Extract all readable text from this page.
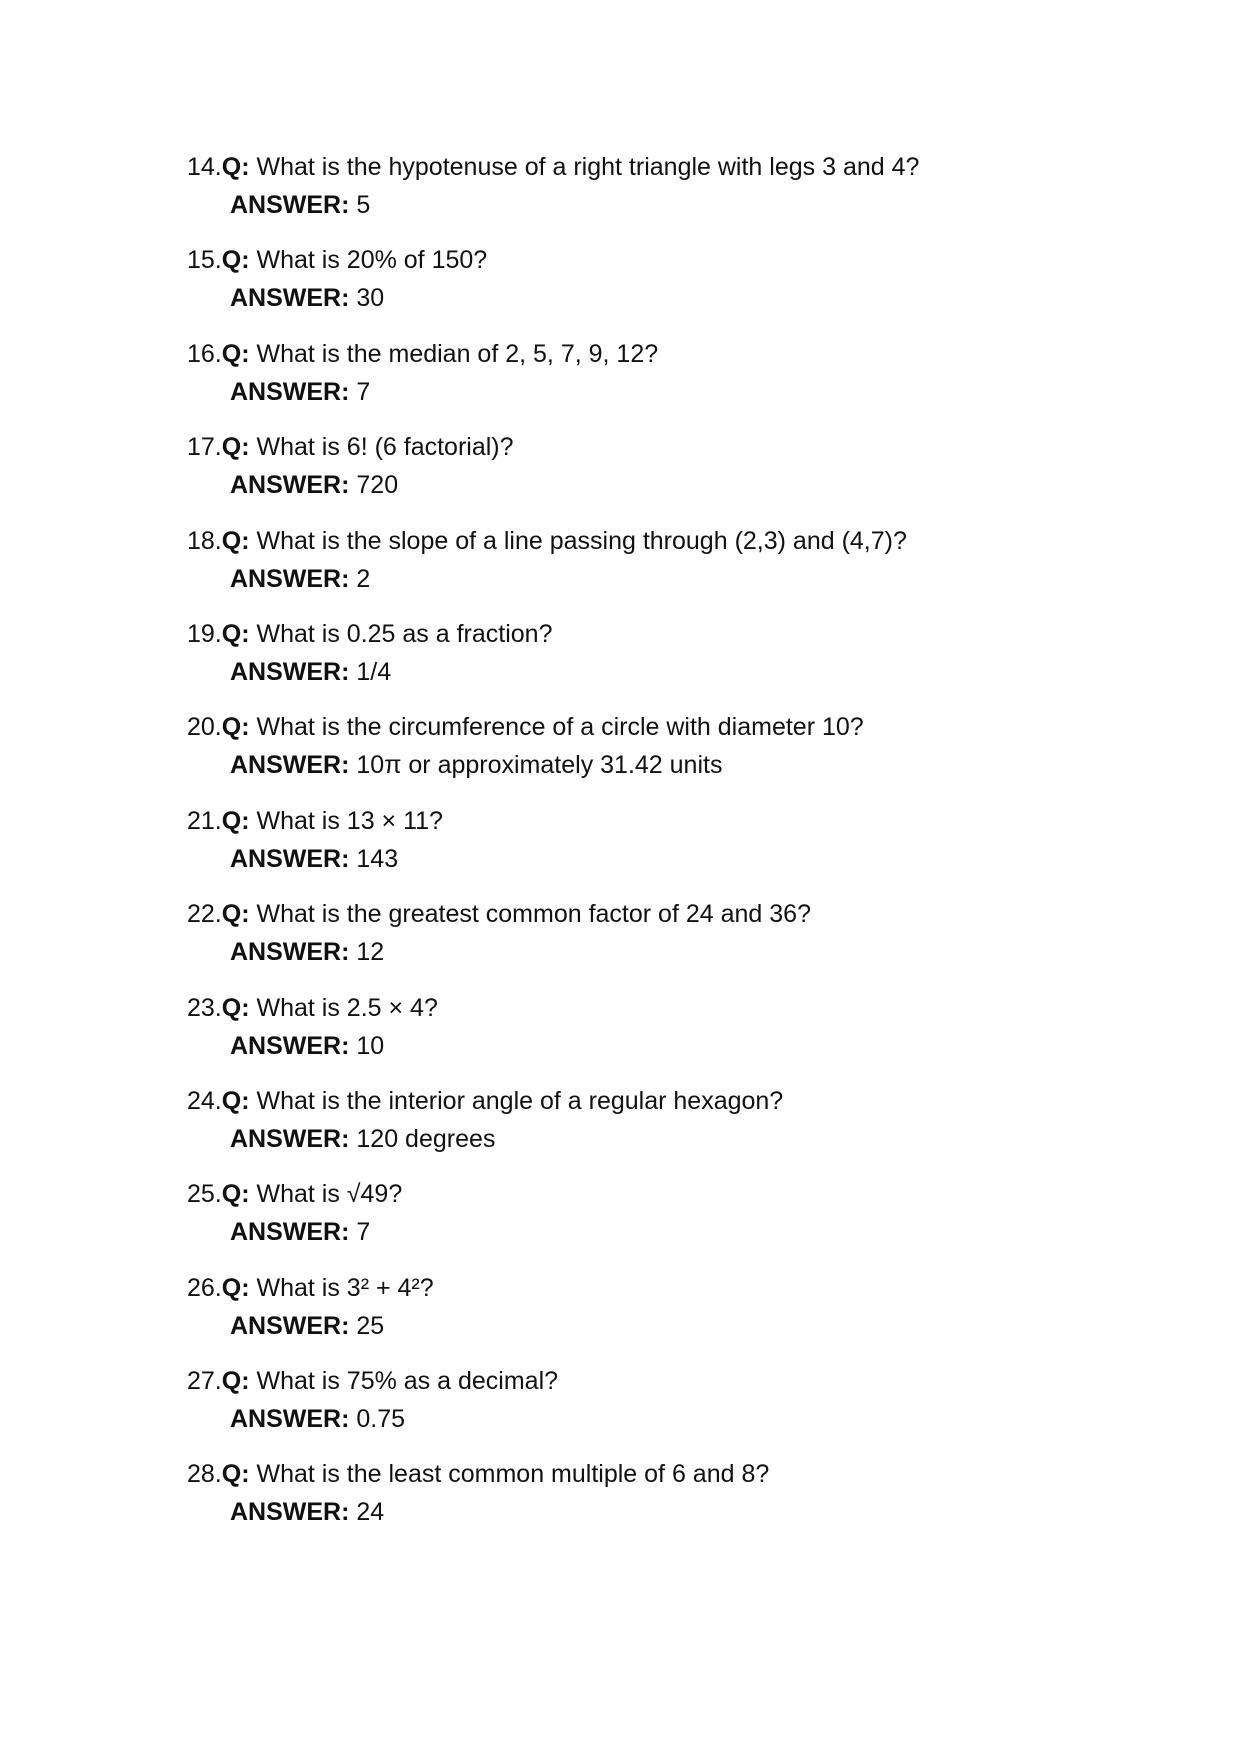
14.Q: What is the hypotenuse of a right triangle with legs 3 and 4?
ANSWER: 5
15.Q: What is 20% of 150?
ANSWER: 30
16.Q: What is the median of 2, 5, 7, 9, 12?
ANSWER: 7
17.Q: What is 6! (6 factorial)?
ANSWER: 720
18.Q: What is the slope of a line passing through (2,3) and (4,7)?
ANSWER: 2
19.Q: What is 0.25 as a fraction?
ANSWER: 1/4
20.Q: What is the circumference of a circle with diameter 10?
ANSWER: 10π or approximately 31.42 units
21.Q: What is 13 × 11?
ANSWER: 143
22.Q: What is the greatest common factor of 24 and 36?
ANSWER: 12
23.Q: What is 2.5 × 4?
ANSWER: 10
24.Q: What is the interior angle of a regular hexagon?
ANSWER: 120 degrees
25.Q: What is √49?
ANSWER: 7
26.Q: What is 3² + 4²?
ANSWER: 25
27.Q: What is 75% as a decimal?
ANSWER: 0.75
28.Q: What is the least common multiple of 6 and 8?
ANSWER: 24
